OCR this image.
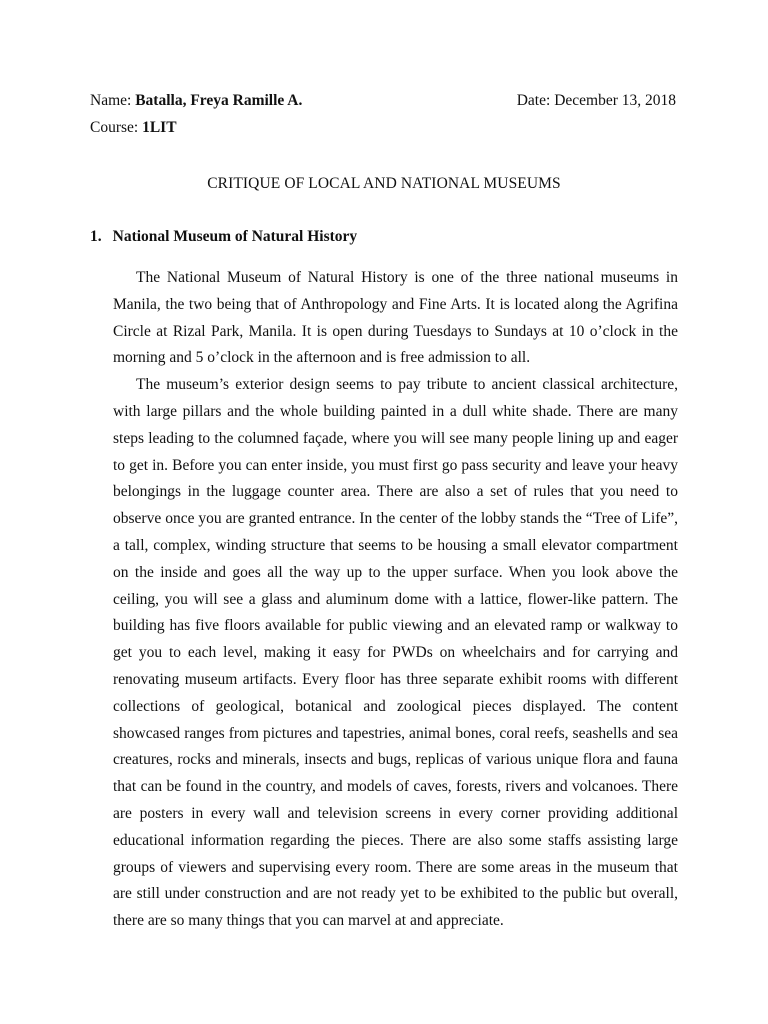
Name: Batalla, Freya Ramille A.	Date: December 13, 2018
Course: 1LIT
CRITIQUE OF LOCAL AND NATIONAL MUSEUMS
1. National Museum of Natural History

The National Museum of Natural History is one of the three national museums in Manila, the two being that of Anthropology and Fine Arts. It is located along the Agrifina Circle at Rizal Park, Manila. It is open during Tuesdays to Sundays at 10 o’clock in the morning and 5 o’clock in the afternoon and is free admission to all.

The museum’s exterior design seems to pay tribute to ancient classical architecture, with large pillars and the whole building painted in a dull white shade. There are many steps leading to the columned façade, where you will see many people lining up and eager to get in. Before you can enter inside, you must first go pass security and leave your heavy belongings in the luggage counter area. There are also a set of rules that you need to observe once you are granted entrance. In the center of the lobby stands the “Tree of Life”, a tall, complex, winding structure that seems to be housing a small elevator compartment on the inside and goes all the way up to the upper surface. When you look above the ceiling, you will see a glass and aluminum dome with a lattice, flower-like pattern. The building has five floors available for public viewing and an elevated ramp or walkway to get you to each level, making it easy for PWDs on wheelchairs and for carrying and renovating museum artifacts. Every floor has three separate exhibit rooms with different collections of geological, botanical and zoological pieces displayed. The content showcased ranges from pictures and tapestries, animal bones, coral reefs, seashells and sea creatures, rocks and minerals, insects and bugs, replicas of various unique flora and fauna that can be found in the country, and models of caves, forests, rivers and volcanoes. There are posters in every wall and television screens in every corner providing additional educational information regarding the pieces. There are also some staffs assisting large groups of viewers and supervising every room. There are some areas in the museum that are still under construction and are not ready yet to be exhibited to the public but overall, there are so many things that you can marvel at and appreciate.
